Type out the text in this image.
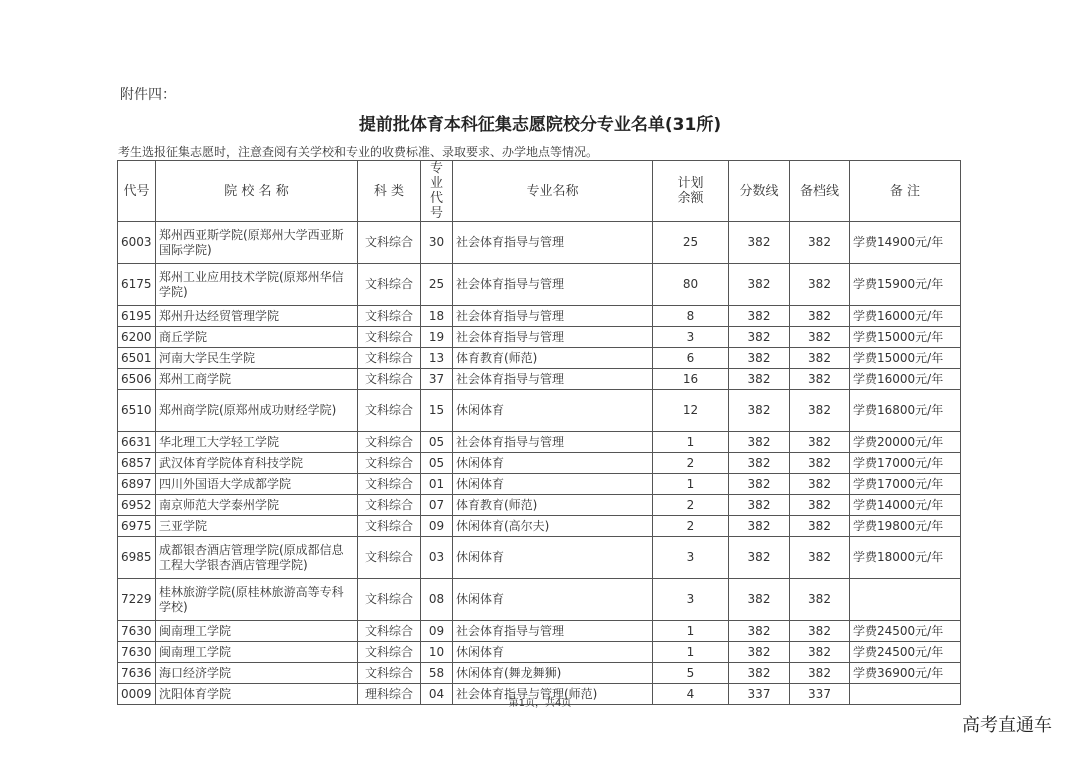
附件四：
提前批体育本科征集志愿院校分专业名单(31所)
考生选报征集志愿时，注意查阅有关学校和专业的收费标准、录取要求、办学地点等情况。
代号	院 校 名 称	科 类	专业代号	专业名称	计划余额	分数线	备档线	备 注
6003	郑州西亚斯学院(原郑州大学西亚斯国际学院)	文科综合	30	社会体育指导与管理	25	382	382	学费14900元/年
6175	郑州工业应用技术学院(原郑州华信学院)	文科综合	25	社会体育指导与管理	80	382	382	学费15900元/年
6195	郑州升达经贸管理学院	文科综合	18	社会体育指导与管理	8	382	382	学费16000元/年
6200	商丘学院	文科综合	19	社会体育指导与管理	3	382	382	学费15000元/年
6501	河南大学民生学院	文科综合	13	体育教育(师范)	6	382	382	学费15000元/年
6506	郑州工商学院	文科综合	37	社会体育指导与管理	16	382	382	学费16000元/年
6510	郑州商学院(原郑州成功财经学院)	文科综合	15	休闲体育	12	382	382	学费16800元/年
6631	华北理工大学轻工学院	文科综合	05	社会体育指导与管理	1	382	382	学费20000元/年
6857	武汉体育学院体育科技学院	文科综合	05	休闲体育	2	382	382	学费17000元/年
6897	四川外国语大学成都学院	文科综合	01	休闲体育	1	382	382	学费17000元/年
6952	南京师范大学泰州学院	文科综合	07	体育教育(师范)	2	382	382	学费14000元/年
6975	三亚学院	文科综合	09	休闲体育(高尔夫)	2	382	382	学费19800元/年
6985	成都银杏酒店管理学院(原成都信息工程大学银杏酒店管理学院)	文科综合	03	休闲体育	3	382	382	学费18000元/年
7229	桂林旅游学院(原桂林旅游高等专科学校)	文科综合	08	休闲体育	3	382	382	
7630	闽南理工学院	文科综合	09	社会体育指导与管理	1	382	382	学费24500元/年
7630	闽南理工学院	文科综合	10	休闲体育	1	382	382	学费24500元/年
7636	海口经济学院	文科综合	58	休闲体育(舞龙舞狮)	5	382	382	学费36900元/年
0009	沈阳体育学院	理科综合	04	社会体育指导与管理(师范)	4	337	337	
第1页，共4页
高考直通车
